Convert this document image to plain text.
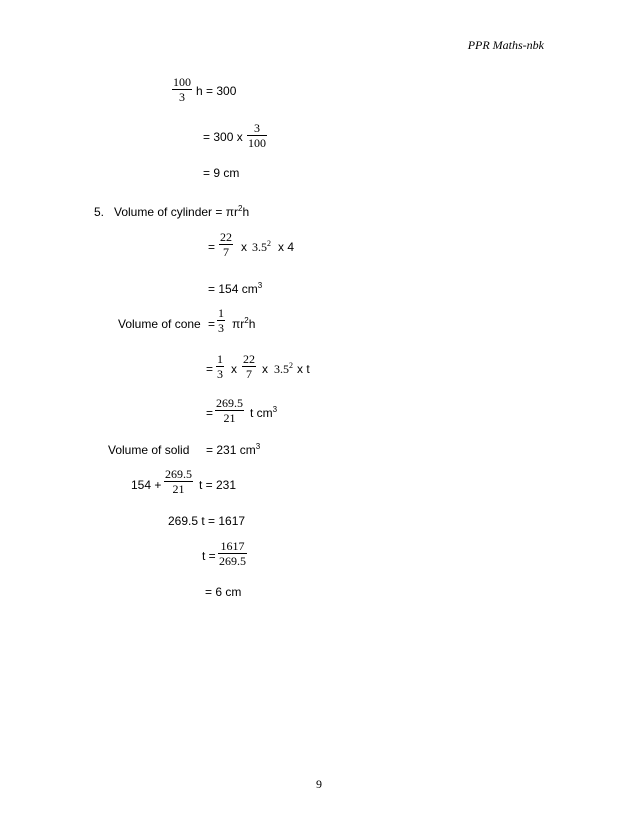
PPR Maths-nbk
$\frac{100}{3}$ h = 300
= 300 x $\frac{3}{100}$
= 9 cm
5. Volume of cylinder = $\pi r^2h$
= $\frac{22}{7}$ x $3.5^2$ x 4
= 154 $cm^3$
Volume of cone = $\frac{1}{3} \pi r^2h$
= $\frac{1}{3}$ x $\frac{22}{7}$ x $3.5^2$ x t
= $\frac{269.5}{21}$ t $cm^3$
Volume of solid = 231 $cm^3$
$154 + \frac{269.5}{21}$ t = 231
269.5 t = 1617
$t = \frac{1617}{269.5}$
= 6 cm
9
